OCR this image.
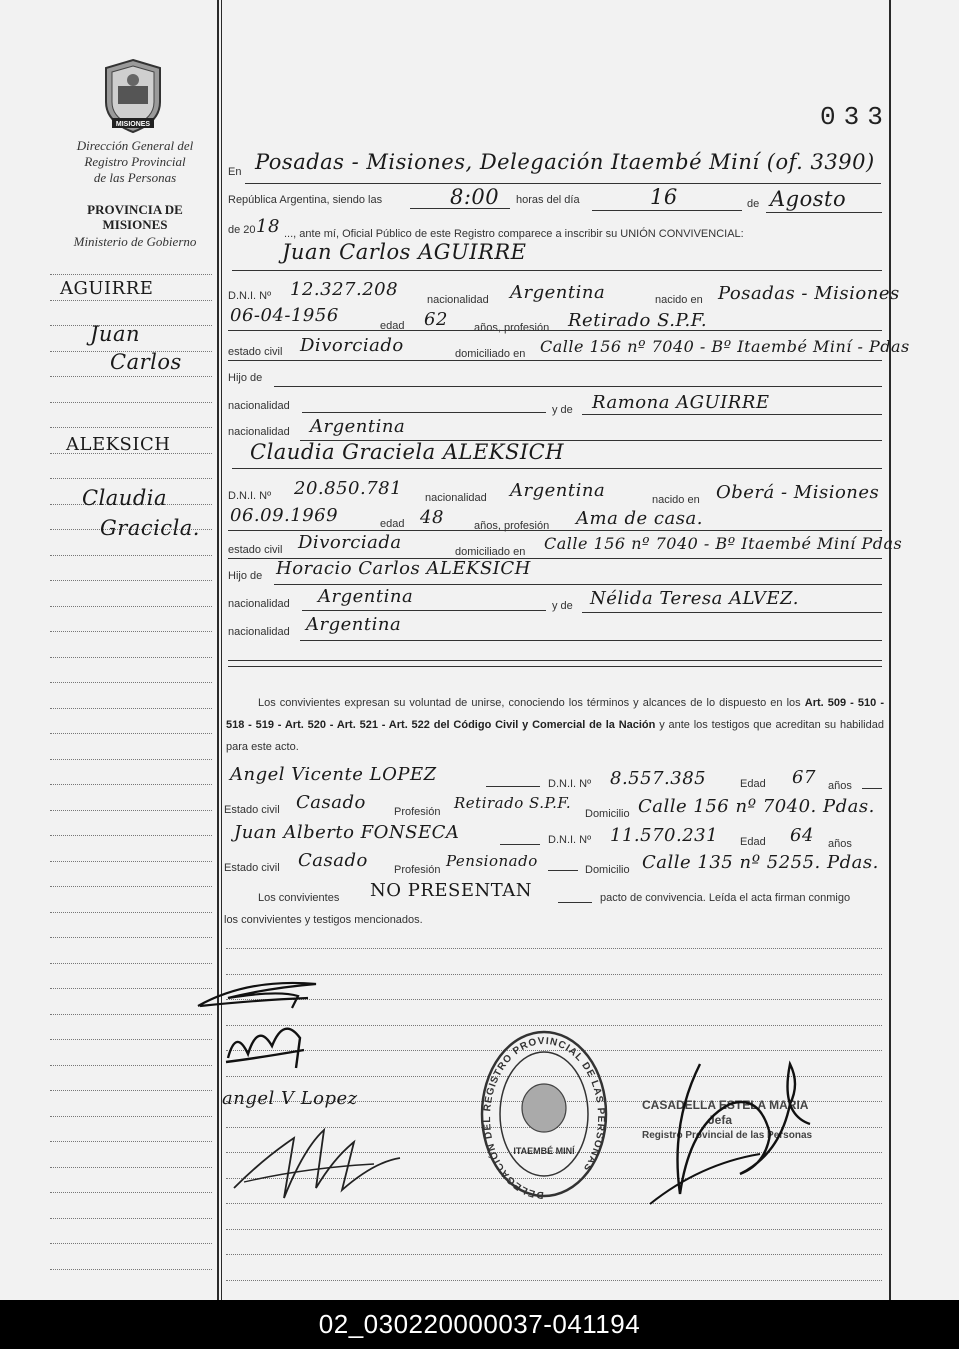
MISIONES
Dirección General del
Registro Provincial
de las Personas
PROVINCIA DE
MISIONES
Ministerio de Gobierno
033
AGUIRRE
Juan
Carlos
ALEKSICH
Claudia
Gracicla.
En Posadas - Misiones, Delegación Itaembé Miní (of. 3390)
República Argentina, siendo las	8:00 horas del día	16	de Agosto
de 20 18 ..., ante mí, Oficial Público de este Registro comparece a inscribir su UNIÓN CONVIVENCIAL:
Juan Carlos AGUIRRE
D.N.I. Nº 12.327.208	nacionalidad Argentina	nacido en Posadas - Misiones
06-04-1956	edad 62 años, profesión Retirado S.P.F.
estado civil Divorciado	domiciliado en Calle 156 nº 7040 - Bº Itaembé Miní - Pdas
Hijo de
nacionalidad	y de Ramona AGUIRRE
nacionalidad Argentina
Claudia Graciela ALEKSICH
D.N.I. Nº 20.850.781 nacionalidad Argentina	nacido en Oberá - Misiones
06.09.1969	edad 48	años, profesión Ama de casa.
estado civil Divorciada	domiciliado en Calle 156 nº 7040 - Bº Itaembé Miní Pdas
Hijo de Horacio Carlos ALEKSICH
nacionalidad Argentina	y de Nélida Teresa ALVEZ.
nacionalidad Argentina
Los convivientes expresan su voluntad de unirse, conociendo los términos y alcances de lo dispuesto en los Art. 509 - 510 - 518 - 519 - Art. 520 - Art. 521 - Art. 522 del Código Civil y Comercial de la Nación y ante los testigos que acreditan su habilidad para este acto.
Angel Vicente LOPEZ	D.N.I. Nº 8.557.385	Edad 67 años
Estado civil Casado	Profesión Retirado S.P.F.
Domicilio Calle 156 nº 7040. Pdas.
Juan Alberto FONSECA	D.N.I. Nº 11.570.231 Edad 64 años
Estado civil Casado Profesión Pensionado	Domicilio Calle 135 nº 5255. Pdas.
Los convivientes NO PRESENTAN	pacto de convivencia. Leída el acta firman conmigo
los convivientes y testigos mencionados.
angel V Lopez
DELEGACIÓN DEL REGISTRO PROVINCIAL DE LAS PERSONAS
ITAEMBÉ MINÍ
CASADELLA ESTELA MARIA
Jefa
Registro Provincial de las Personas
02_030220000037-041194
